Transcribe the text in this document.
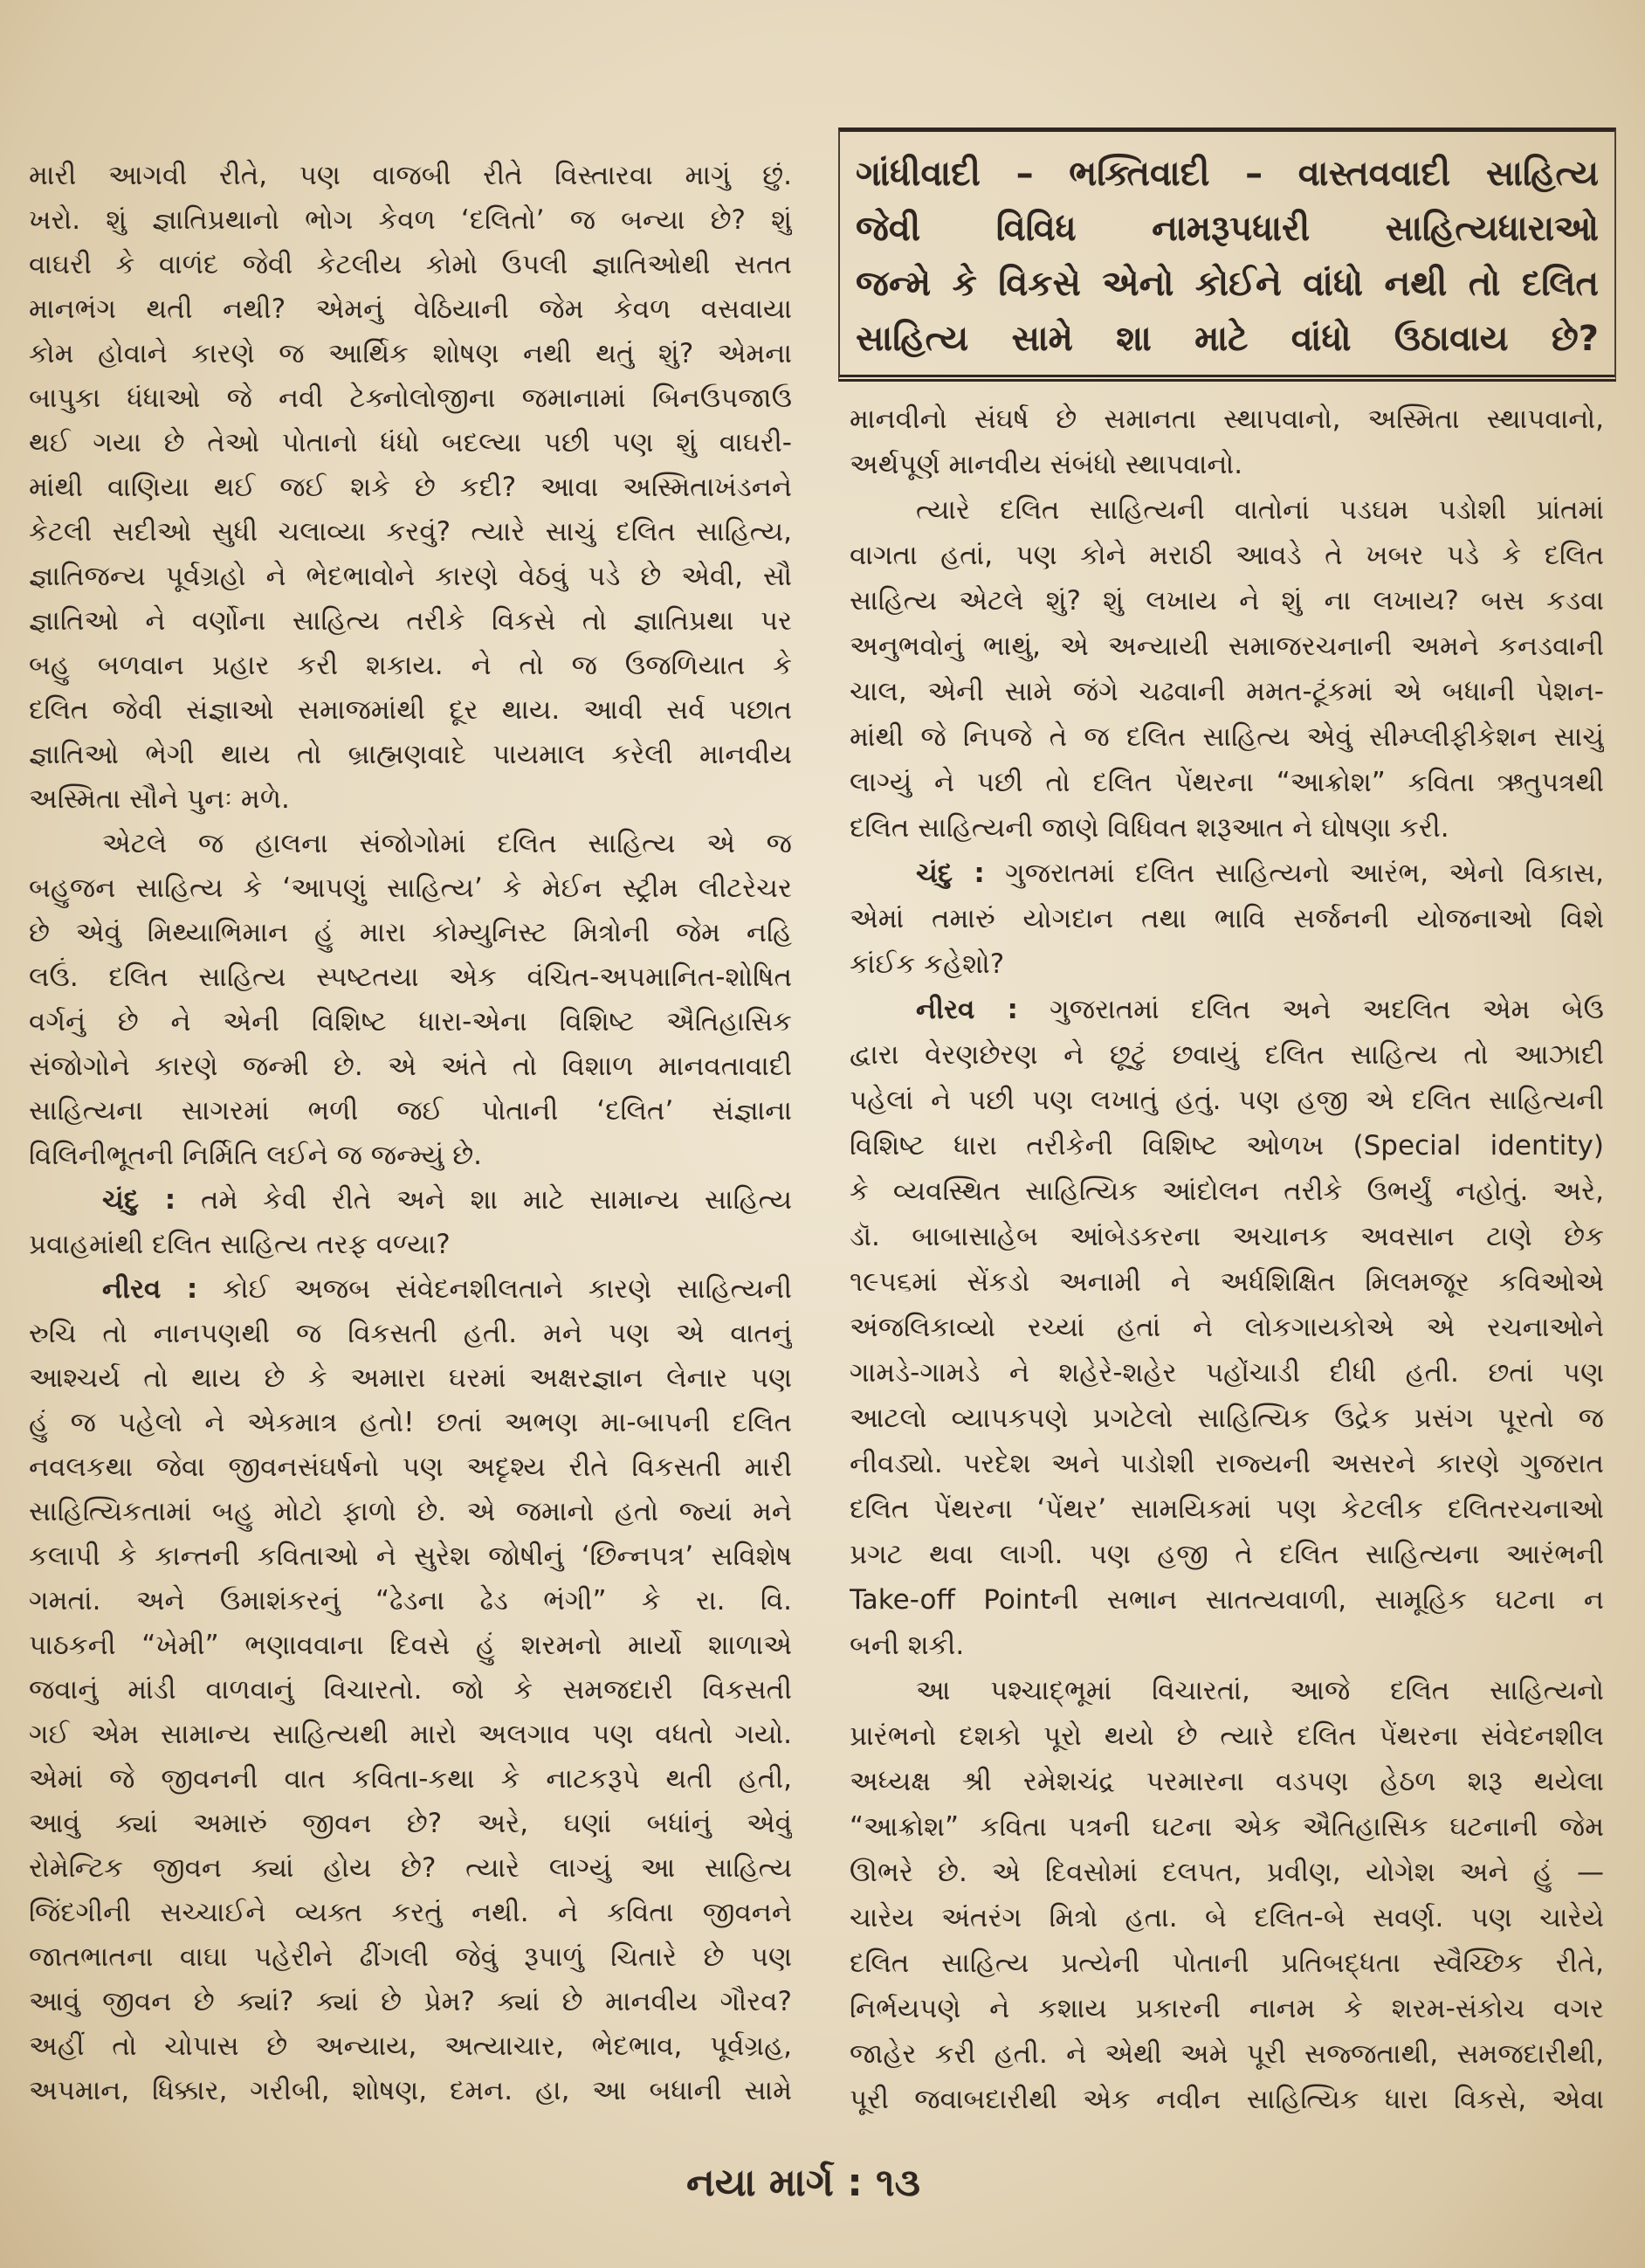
મારી આગવી રીતે, પણ વાજબી રીતે વિસ્તારવા માગું છું.
ખરો. શું જ્ઞાતિપ્રથાનો ભોગ કેવળ ‘દલિતો’ જ બન્યા છે? શું
વાઘરી કે વાળંદ જેવી કેટલીય કોમો ઉપલી જ્ઞાતિઓથી સતત
માનભંગ થતી નથી? એમનું વેઠિયાની જેમ કેવળ વસવાયા
કોમ હોવાને કારણે જ આર્થિક શોષણ નથી થતું શું? એમના
બાપુકા ધંધાઓ જે નવી ટેક્નોલોજીના જમાનામાં બિનઉપજાઉ
થઈ ગયા છે તેઓ પોતાનો ધંધો બદલ્યા પછી પણ શું વાઘરી-
માંથી વાણિયા થઈ જઈ શકે છે કદી? આવા અસ્મિતાખંડનને
કેટલી સદીઓ સુધી ચલાવ્યા કરવું? ત્યારે સાચું દલિત સાહિત્ય,
જ્ઞાતિજન્ય પૂર્વગ્રહો ને ભેદભાવોને કારણે વેઠવું પડે છે એવી, સૌ
જ્ઞાતિઓ ને વર્ણોના સાહિત્ય તરીકે વિકસે તો જ્ઞાતિપ્રથા પર
બહુ બળવાન પ્રહાર કરી શકાય. ને તો જ ઉજળિયાત કે
દલિત જેવી સંજ્ઞાઓ સમાજમાંથી દૂર થાય. આવી સર્વ પછાત
જ્ઞાતિઓ ભેગી થાય તો બ્રાહ્મણવાદે પાયમાલ કરેલી માનવીય
અસ્મિતા સૌને પુનઃ મળે.
એટલે જ હાલના સંજોગોમાં દલિત સાહિત્ય એ જ
બહુજન સાહિત્ય કે ‘આપણું સાહિત્ય’ કે મેઈન સ્ટ્રીમ લીટરેચર
છે એવું મિથ્યાભિમાન હું મારા કોમ્યુનિસ્ટ મિત્રોની જેમ નહિ
લઉં. દલિત સાહિત્ય સ્પષ્ટતયા એક વંચિત-અપમાનિત-શોષિત
વર્ગનું છે ને એની વિશિષ્ટ ધારા-એના વિશિષ્ટ ઐતિહાસિક
સંજોગોને કારણે જન્મી છે. એ અંતે તો વિશાળ માનવતાવાદી
સાહિત્યના સાગરમાં ભળી જઈ પોતાની ‘દલિત’ સંજ્ઞાના
વિલિનીભૂતની નિર્મિતિ લઈને જ જન્મ્યું છે.
ચંદુ : તમે કેવી રીતે અને શા માટે સામાન્ય સાહિત્ય
પ્રવાહમાંથી દલિત સાહિત્ય તરફ વળ્યા?
નીરવ : કોઈ અજબ સંવેદનશીલતાને કારણે સાહિત્યની
રુચિ તો નાનપણથી જ વિકસતી હતી. મને પણ એ વાતનું
આશ્ચર્ય તો થાય છે કે અમારા ઘરમાં અક્ષરજ્ઞાન લેનાર પણ
હું જ પહેલો ને એકમાત્ર હતો! છતાં અભણ મા-બાપની દલિત
નવલકથા જેવા જીવનસંઘર્ષનો પણ અદૃશ્ય રીતે વિકસતી મારી
સાહિત્યિકતામાં બહુ મોટો ફાળો છે. એ જમાનો હતો જ્યાં મને
કલાપી કે કાન્તની કવિતાઓ ને સુરેશ જોષીનું ‘છિન્નપત્ર’ સવિશેષ
ગમતાં. અને ઉમાશંકરનું “ઢેડના ઢેડ ભંગી” કે રા. વિ.
પાઠકની “ખેમી” ભણાવવાના દિવસે હું શરમનો માર્યો શાળાએ
જવાનું માંડી વાળવાનું વિચારતો. જો કે સમજદારી વિકસતી
ગઈ એમ સામાન્ય સાહિત્યથી મારો અલગાવ પણ વધતો ગયો.
એમાં જે જીવનની વાત કવિતા-કથા કે નાટકરૂપે થતી હતી,
આવું ક્યાં અમારું જીવન છે? અરે, ઘણાં બધાંનું એવું
રોમેન્ટિક જીવન ક્યાં હોય છે? ત્યારે લાગ્યું આ સાહિત્ય
જિંદગીની સચ્ચાઈને વ્યક્ત કરતું નથી. ને કવિતા જીવનને
જાતભાતના વાઘા પહેરીને ઢીંગલી જેવું રૂપાળું ચિતારે છે પણ
આવું જીવન છે ક્યાં? ક્યાં છે પ્રેમ? ક્યાં છે માનવીય ગૌરવ?
અહીં તો ચોપાસ છે અન્યાય, અત્યાચાર, ભેદભાવ, પૂર્વગ્રહ,
અપમાન, ધિક્કાર, ગરીબી, શોષણ, દમન. હા, આ બધાની સામે
ગાંધીવાદી – ભક્તિવાદી – વાસ્તવવાદી સાહિત્ય
જેવી વિવિધ નામરૂપધારી સાહિત્યધારાઓ
જન્મે કે વિકસે એનો કોઈને વાંધો નથી તો દલિત
સાહિત્ય સામે શા માટે વાંધો ઉઠાવાય છે?
માનવીનો સંઘર્ષ છે સમાનતા સ્થાપવાનો, અસ્મિતા સ્થાપવાનો,
અર્થપૂર્ણ માનવીય સંબંધો સ્થાપવાનો.
ત્યારે દલિત સાહિત્યની વાતોનાં પડઘમ પડોશી પ્રાંતમાં
વાગતા હતાં, પણ કોને મરાઠી આવડે તે ખબર પડે કે દલિત
સાહિત્ય એટલે શું? શું લખાય ને શું ના લખાય? બસ કડવા
અનુભવોનું ભાથું, એ અન્યાયી સમાજરચનાની અમને કનડવાની
ચાલ, એની સામે જંગે ચઢવાની મમત-ટૂંકમાં એ બધાની પેશન-
માંથી જે નિપજે તે જ દલિત સાહિત્ય એવું સીમ્પ્લીફીકેશન સાચું
લાગ્યું ને પછી તો દલિત પેંથરના “આક્રોશ” કવિતા ઋતુપત્રથી
દલિત સાહિત્યની જાણે વિધિવત શરૂઆત ને ઘોષણા કરી.
ચંદુ : ગુજરાતમાં દલિત સાહિત્યનો આરંભ, એનો વિકાસ,
એમાં તમારું યોગદાન તથા ભાવિ સર્જનની યોજનાઓ વિશે
કાંઈક કહેશો?
નીરવ : ગુજરાતમાં દલિત અને અદલિત એમ બેઉ
દ્વારા વેરણછેરણ ને છૂટું છવાયું દલિત સાહિત્ય તો આઝાદી
પહેલાં ને પછી પણ લખાતું હતું. પણ હજી એ દલિત સાહિત્યની
વિશિષ્ટ ધારા તરીકેની વિશિષ્ટ ઓળખ (Special identity)
કે વ્યવસ્થિત સાહિત્યિક આંદોલન તરીકે ઉભર્યું નહોતું. અરે,
ડૉ. બાબાસાહેબ આંબેડકરના અચાનક અવસાન ટાણે છેક
૧૯૫૬માં સેંકડો અનામી ને અર્ધશિક્ષિત મિલમજૂર કવિઓએ
અંજલિકાવ્યો રચ્યાં હતાં ને લોકગાયકોએ એ રચનાઓને
ગામડે-ગામડે ને શહેરે-શહેર પહોંચાડી દીધી હતી. છતાં પણ
આટલો વ્યાપકપણે પ્રગટેલો સાહિત્યિક ઉદ્રેક પ્રસંગ પૂરતો જ
નીવડ્યો. પરદેશ અને પાડોશી રાજ્યની અસરને કારણે ગુજરાત
દલિત પેંથરના ‘પેંથર’ સામયિકમાં પણ કેટલીક દલિતરચનાઓ
પ્રગટ થવા લાગી. પણ હજી તે દલિત સાહિત્યના આરંભની
Take-off Pointની સભાન સાતત્યવાળી, સામૂહિક ઘટના ન
બની શકી.
આ પશ્ચાદ્ભૂમાં વિચારતાં, આજે દલિત સાહિત્યનો
પ્રારંભનો દશકો પૂરો થયો છે ત્યારે દલિત પેંથરના સંવેદનશીલ
અધ્યક્ષ શ્રી રમેશચંદ્ર પરમારના વડપણ હેઠળ શરૂ થયેલા
“આક્રોશ” કવિતા પત્રની ઘટના એક ઐતિહાસિક ઘટનાની જેમ
ઊભરે છે. એ દિવસોમાં દલપત, પ્રવીણ, યોગેશ અને હું —
ચારેય અંતરંગ મિત્રો હતા. બે દલિત-બે સવર્ણ. પણ ચારેયે
દલિત સાહિત્ય પ્રત્યેની પોતાની પ્રતિબદ્ધતા સ્વૈચ્છિક રીતે,
નિર્ભયપણે ને કશાય પ્રકારની નાનમ કે શરમ-સંકોચ વગર
જાહેર કરી હતી. ને એથી અમે પૂરી સજ્જતાથી, સમજદારીથી,
પૂરી જવાબદારીથી એક નવીન સાહિત્યિક ધારા વિકસે, એવા
નયા માર્ગ : ૧૩
